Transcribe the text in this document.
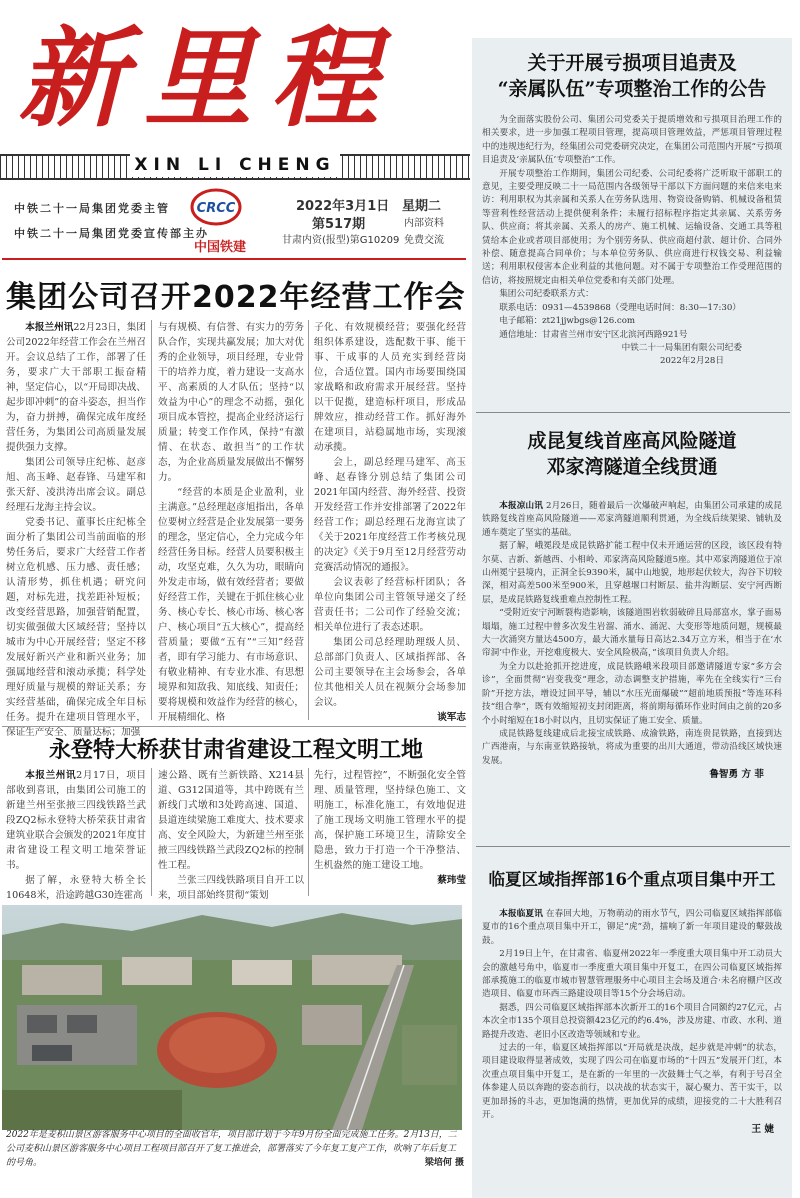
新里程
XIN LI CHENG
中铁二十一局集团党委主管
中铁二十一局集团党委宣传部主办
CRCC
中国铁建
2022年3月1日 星期二
第517期	内部资料
免费交流
甘肃内资(报型)第G10209
集团公司召开2022年经营工作会

本报兰州讯22月23日，集团公司2022年经营工作会在兰州召开。会议总结了工作，部署了任务，要求广大干部职工振奋精神，坚定信心，以“开局即决战、起步即冲刺”的奋斗姿态，担当作为，奋力拼搏，确保完成年度经营任务，为集团公司高质量发展提供强力支撑。

集团公司领导庄纪栋、赵彦旭、高玉峰、赵春锋、马建军和张天舒、凌洪涛出席会议。副总经理石龙海主持会议。

党委书记、董事长庄纪栋全面分析了集团公司当前面临的形势任务后，要求广大经营工作者树立危机感、压力感、责任感；认清形势，抓住机遇；研究问题，对标先进，找差距补短板；改变经营思路，加强营销配置，切实做强做大区域经营；坚持以城市为中心开展经营；坚定不移发展好新兴产业和新兴业务；加强属地经营和滚动承揽；科学处理好质量与规模的辩证关系；夯实经营基础，确保完成全年目标任务。提升在建项目管理水平，保证生产安全、质量达标；加强

与有规模、有信誉、有实力的劳务队合作，实现共赢发展；加大对优秀的企业领导，项目经理，专业骨干的培养力度，着力建设一支高水平、高素质的人才队伍；坚持“以效益为中心”的理念不动摇，强化项目成本管控，提高企业经济运行质量；转变工作作风，保持“有激情、在状态、敢担当”的工作状态，为企业高质量发展做出不懈努力。

“经营的本质是企业盈利，业主满意。”总经理赵彦旭指出，各单位要树立经营是企业发展第一要务的理念，坚定信心，全力完成今年经营任务目标。经营人员要积极主动，攻坚克难，久久为功，眼睛向外发走市场，做有效经营者；要做好经营工作，关键在于抓住核心业务、核心专长、核心市场、核心客户、核心项目“五大核心”，提高经营质量；要做“五有”“三知”经营者，即有学习能力、有市场意识、有敬业精神、有专业水准、有思想境界和知敌我、知底线、知责任；要将规模和效益作为经营的核心，开展精细化、格

子化、有效规模经营；要强化经营组织体系建设，选配数干事、能干事、干成事的人员充实到经营岗位，合适位置。国内市场要围绕国家战略和政府需求开展经营。坚持以干促揽，建造标杆项目，形成品牌效应，推动经营工作。抓好海外在建项目，站稳属地市场，实现滚动承揽。

会上，副总经理马建军、高玉峰、赵春锋分别总结了集团公司2021年国内经营、海外经营、投资开发经营工作并安排部署了2022年经营工作；副总经理石龙海宣读了《关于2021年度经营工作考核兑现的决定》《关于9月至12月经营劳动竞赛活动情况的通报》。

会议表彰了经营标杆团队；各单位向集团公司主管领导递交了经营责任书；二公司作了经验交流；相关单位进行了表态述职。

集团公司总经理助理级人员、总部部门负责人、区域指挥部、各公司主要领导在主会场参会，各单位其他相关人员在视频分会场参加会议。

谈军志
永登特大桥获甘肃省建设工程文明工地

本报兰州讯2月17日，项目部收到喜讯，由集团公司施工的新建兰州至张掖三四线铁路兰武段ZQ2标永登特大桥荣获甘肃省建筑业联合会颁发的2021年度甘肃省建设工程文明工地荣誉证书。

据了解，永登特大桥全长10648米，沿途跨越G30连霍高

速公路、既有兰新铁路、X214县道、G312国道等，其中跨既有兰新线门式墩和3处跨高速、国道、县道连续梁施工难度大、技术要求高、安全风险大，为新建兰州至张掖三四线铁路兰武段ZQ2标的控制性工程。

兰张三四线铁路项目自开工以来，项目部始终贯彻“策划

先行，过程管控”，不断强化安全管理、质量管理，坚持绿色施工、文明施工，标准化施工，有效地促进了施工现场文明施工管理水平的提高，保护施工环境卫生，清除安全隐患，致力于打造一个干净整洁、生机盎然的施工建设工地。

蔡玮莹
2022年是麦积山景区游客服务中心项目的全面收官年，项目部计划于今年9月份全面完成施工任务。2月13日，二公司麦积山景区游客服务中心项目工程项目部召开了复工推进会，部署落实了今年复工复产工作，吹响了年后复工的号角。	梁培何 摄
关于开展亏损项目追责及
“亲属队伍”专项整治工作的公告

为全面落实股份公司、集团公司党委关于提质增效和亏损项目治理工作的相关要求，进一步加强工程项目管理，提高项目管理效益，严惩项目管理过程中的违规违纪行为，经集团公司党委研究决定，在集团公司范围内开展“亏损项目追责及‘亲属队伍’专项整治”工作。

开展专项整治工作期间，集团公司纪委、公司纪委将广泛听取干部职工的意见，主要受理反映二十一局范围内各级领导干部以下方面问题的来信来电来访：利用职权为其亲属和关系人在劳务队选用、物资设备购销、机械设备租赁等营利性经营活动上提供便利条件；未履行招标程序指定其亲属、关系劳务队、供应商；将其亲属、关系人的房产、施工机械、运输设备、交通工具等租赁给本企业或者项目部使用；为个别劳务队、供应商超付款、超计价、合同外补偿、随意提高合同单价；与本单位劳务队、供应商进行权钱交易、利益输送；利用职权侵害本企业利益的其他问题。对不属于专项整治工作受理范围的信访，将按照规定由相关单位党委和有关部门处理。

集团公司纪委联系方式：

联系电话：0931—4539868（受理电话时间：8:30—17:30）

电子邮箱：zt21jjwbgs@126.com

通信地址：甘肃省兰州市安宁区北滨河西路921号

中铁二十一局集团有限公司纪委
2022年2月28日
成昆复线首座高风险隧道
邓家湾隧道全线贯通

本报凉山讯 2月26日，随着最后一次爆破声响起，由集团公司承建的成昆铁路复线首座高风险隧道——邓家湾隧道顺利贯通，为全线后续架梁、铺轨及通车奠定了坚实的基础。

据了解，峨冕段是成昆铁路扩能工程中仅未开通运营的区段，该区段有特尔莫、吉新、新越西、小相岭、邓家湾高风险隧道5座。其中邓家湾隧道位于凉山州冕宁县境内，正洞全长9390米，属中山地貌，地形起伏较大，沟谷下切较深，相对高差500米至900米，且穿越堰口村断层、盐井沟断层、安宁河西断层，是成昆铁路复线重难点控制性工程。

“受附近安宁河断裂构造影响，该隧道围岩软弱破碎且局部富水，掌子面易塌塌，施工过程中曾多次发生岩溜、涌水、涌泥、大变形等地质问题，规模最大一次涌突方量达4500方，最大涌水量每日高达2.34万立方米，相当于在‘水帘洞’中作业，开挖难度极大、安全风险极高，”该项目负责人介绍。

为全力以赴抢抓开挖进度，成昆铁路峨米段项目部邀请隧道专家“多方会诊”，全面贯彻“岩变我变”理念，动态调整支护措施，率先在全线实行“三台阶”开挖方法，增设过回平导，辅以“水压光面爆破”“超前地质预报”等连环科技“组合拳”，既有效缩短初支封闭距离，将前期每循环作业时间由之前的20多个小时缩短在18小时以内，且切实保证了施工安全、质量。

成昆铁路复线建成后北接宝成铁路、成渝铁路，南连贵昆铁路，直接到达广西港南，与东南亚铁路接轨，将成为重要的出川大通道，带动沿线区域快速发展。

鲁智勇 方 菲
临夏区域指挥部16个重点项目集中开工

本报临夏讯 在春回大地，万物萌动的雨水节气，四公司临夏区域指挥部临夏市的16个重点项目集中开工，铆足“虎”劲，擂响了新一年项目建设的鼙鼓战鼓。

2月19日上午，在甘肃省、临夏州2022年一季度重大项目集中开工动员大会的激越号角中，临夏市一季度重大项目集中开复工，在四公司临夏区域指挥部承揽施工的临夏市城市智慧管理服务中心项目主会场及道合·未名府棚户区改造项目、临夏市环西三路建设项目等15个分会场启动。

据悉，四公司临夏区域指挥部本次新开工的16个项目合同额约27亿元，占本次全市135个项目总投资额423亿元的约6.4%，涉及房建、市政、水利、道路提升改造、老旧小区改造等领域和专业。

过去的一年，临夏区域指挥部以“开局就是决战，起步就是冲刺”的状态，项目建设取得显著成效，实现了四公司在临夏市场的“十四五”发展开门红，本次重点项目集中开复工，是在新的一年里的一次鼓舞士气之举，有利于号召全体参建人员以奔跑的姿态前行，以决战的状态实干，凝心聚力、苦干实干，以更加昂扬的斗志，更加饱满的热情，更加优异的成绩，迎接党的二十大胜利召开。

王 婕
